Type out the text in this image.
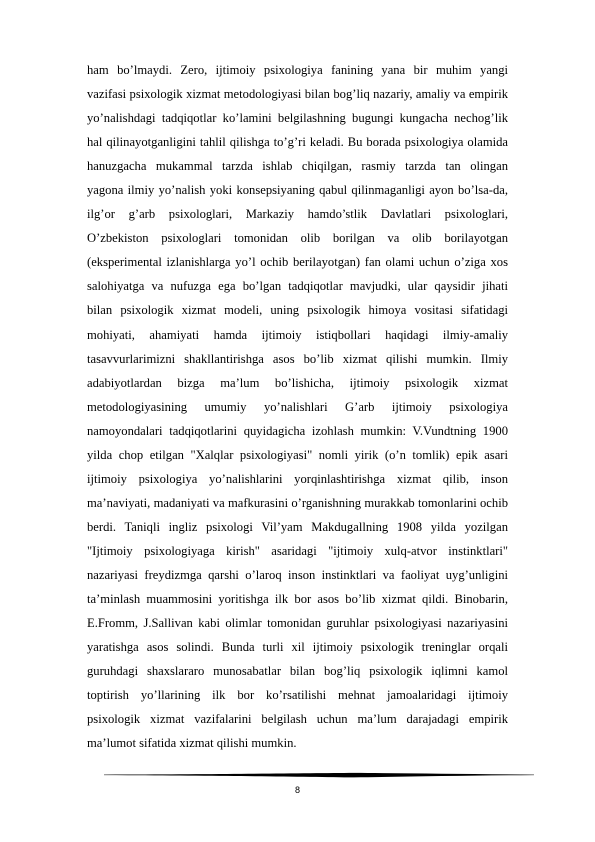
ham bo’lmaydi. Zero, ijtimoiy psixologiya fanining yana bir muhim yangi
vazifasi psixologik xizmat metodologiyasi bilan bog’liq nazariy, amaliy va empirik
yo’nalishdagi tadqiqotlar ko’lamini belgilashning bugungi kungacha nechog’lik
hal qilinayotganligini tahlil qilishga to’g’ri keladi. Bu borada psixologiya olamida
hanuzgacha mukammal tarzda ishlab chiqilgan, rasmiy tarzda tan olingan
yagona ilmiy yo’nalish yoki konsepsiyaning qabul qilinmaganligi ayon bo’lsa-da,
ilg’or g’arb psixologlari, Markaziy hamdo’stlik Davlatlari psixologlari,
O’zbekiston psixologlari tomonidan olib borilgan va olib borilayotgan
(eksperimental izlanishlarga yo’l ochib berilayotgan) fan olami uchun o’ziga xos
salohiyatga va nufuzga ega bo’lgan tadqiqotlar mavjudki, ular qaysidir jihati
bilan psixologik xizmat modeli, uning psixologik himoya vositasi sifatidagi
mohiyati, ahamiyati hamda ijtimoiy istiqbollari haqidagi ilmiy-amaliy
tasavvurlarimizni shakllantirishga asos bo’lib xizmat qilishi mumkin. Ilmiy
adabiyotlardan bizga ma’lum bo’lishicha, ijtimoiy psixologik xizmat
metodologiyasining umumiy yo’nalishlari G’arb ijtimoiy psixologiya
namoyondalari tadqiqotlarini quyidagicha izohlash mumkin: V.Vundtning 1900
yilda chop etilgan "Xalqlar psixologiyasi" nomli yirik (o’n tomlik) epik asari
ijtimoiy psixologiya yo’nalishlarini yorqinlashtirishga xizmat qilib, inson
ma’naviyati, madaniyati va mafkurasini o’rganishning murakkab tomonlarini ochib
berdi. Taniqli ingliz psixologi Vil’yam Makdugallning 1908 yilda yozilgan
"Ijtimoiy psixologiyaga kirish" asaridagi "ijtimoiy xulq-atvor instinktlari"
nazariyasi freydizmga qarshi o’laroq inson instinktlari va faoliyat uyg’unligini
ta’minlash muammosini yoritishga ilk bor asos bo’lib xizmat qildi. Binobarin,
E.Fromm, J.Sallivan kabi olimlar tomonidan guruhlar psixologiyasi nazariyasini
yaratishga asos solindi. Bunda turli xil ijtimoiy psixologik treninglar orqali
guruhdagi shaxslararo munosabatlar bilan bog’liq psixologik iqlimni kamol
toptirish yo’llarining ilk bor ko’rsatilishi mehnat jamoalaridagi ijtimoiy
psixologik xizmat vazifalarini belgilash uchun ma’lum darajadagi empirik
ma’lumot sifatida xizmat qilishi mumkin.
8
